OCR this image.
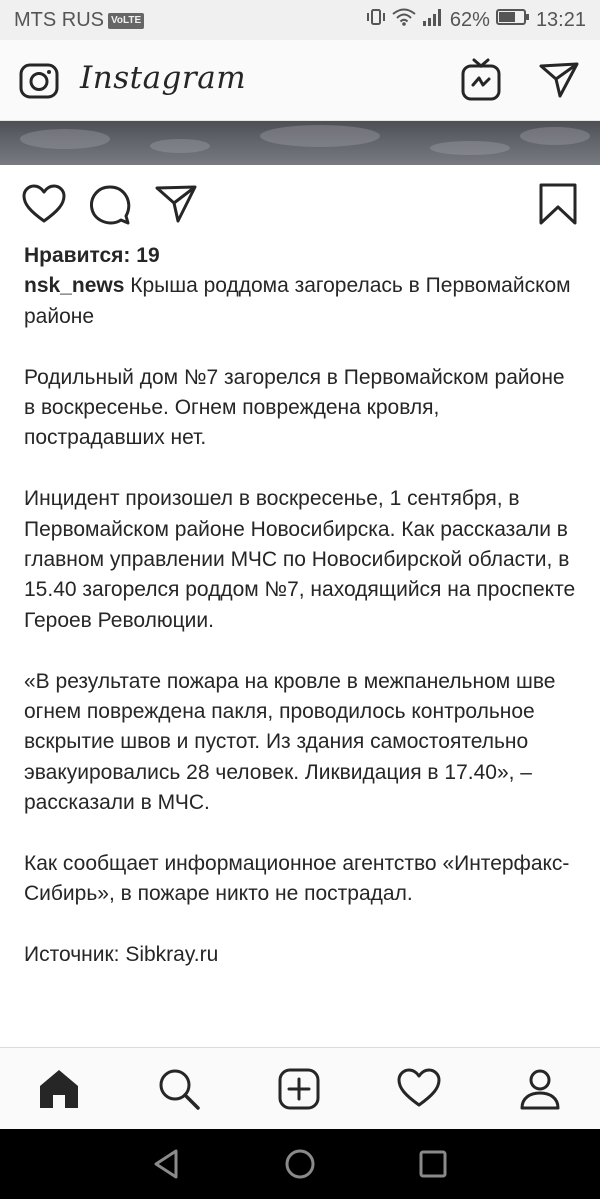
MTS RUS VoLTE	62% 13:21
Instagram

Нравится: 19

nsk_news Крыша роддома загорелась в Первомайском районе

Родильный дом №7 загорелся в Первомайском районе в воскресенье. Огнем повреждена кровля, пострадавших нет.

Инцидент произошел в воскресенье, 1 сентября, в Первомайском районе Новосибирска. Как рассказали в главном управлении МЧС по Новосибирской области, в 15.40 загорелся роддом №7, находящийся на проспекте Героев Революции.

«В результате пожара на кровле в межпанельном шве огнем повреждена пакля, проводилось контрольное вскрытие швов и пустот. Из здания самостоятельно эвакуировались 28 человек. Ликвидация в 17.40», – рассказали в МЧС.

Как сообщает информационное агентство «Интерфакс-Сибирь», в пожаре никто не пострадал.

Источник: Sibkray.ru
